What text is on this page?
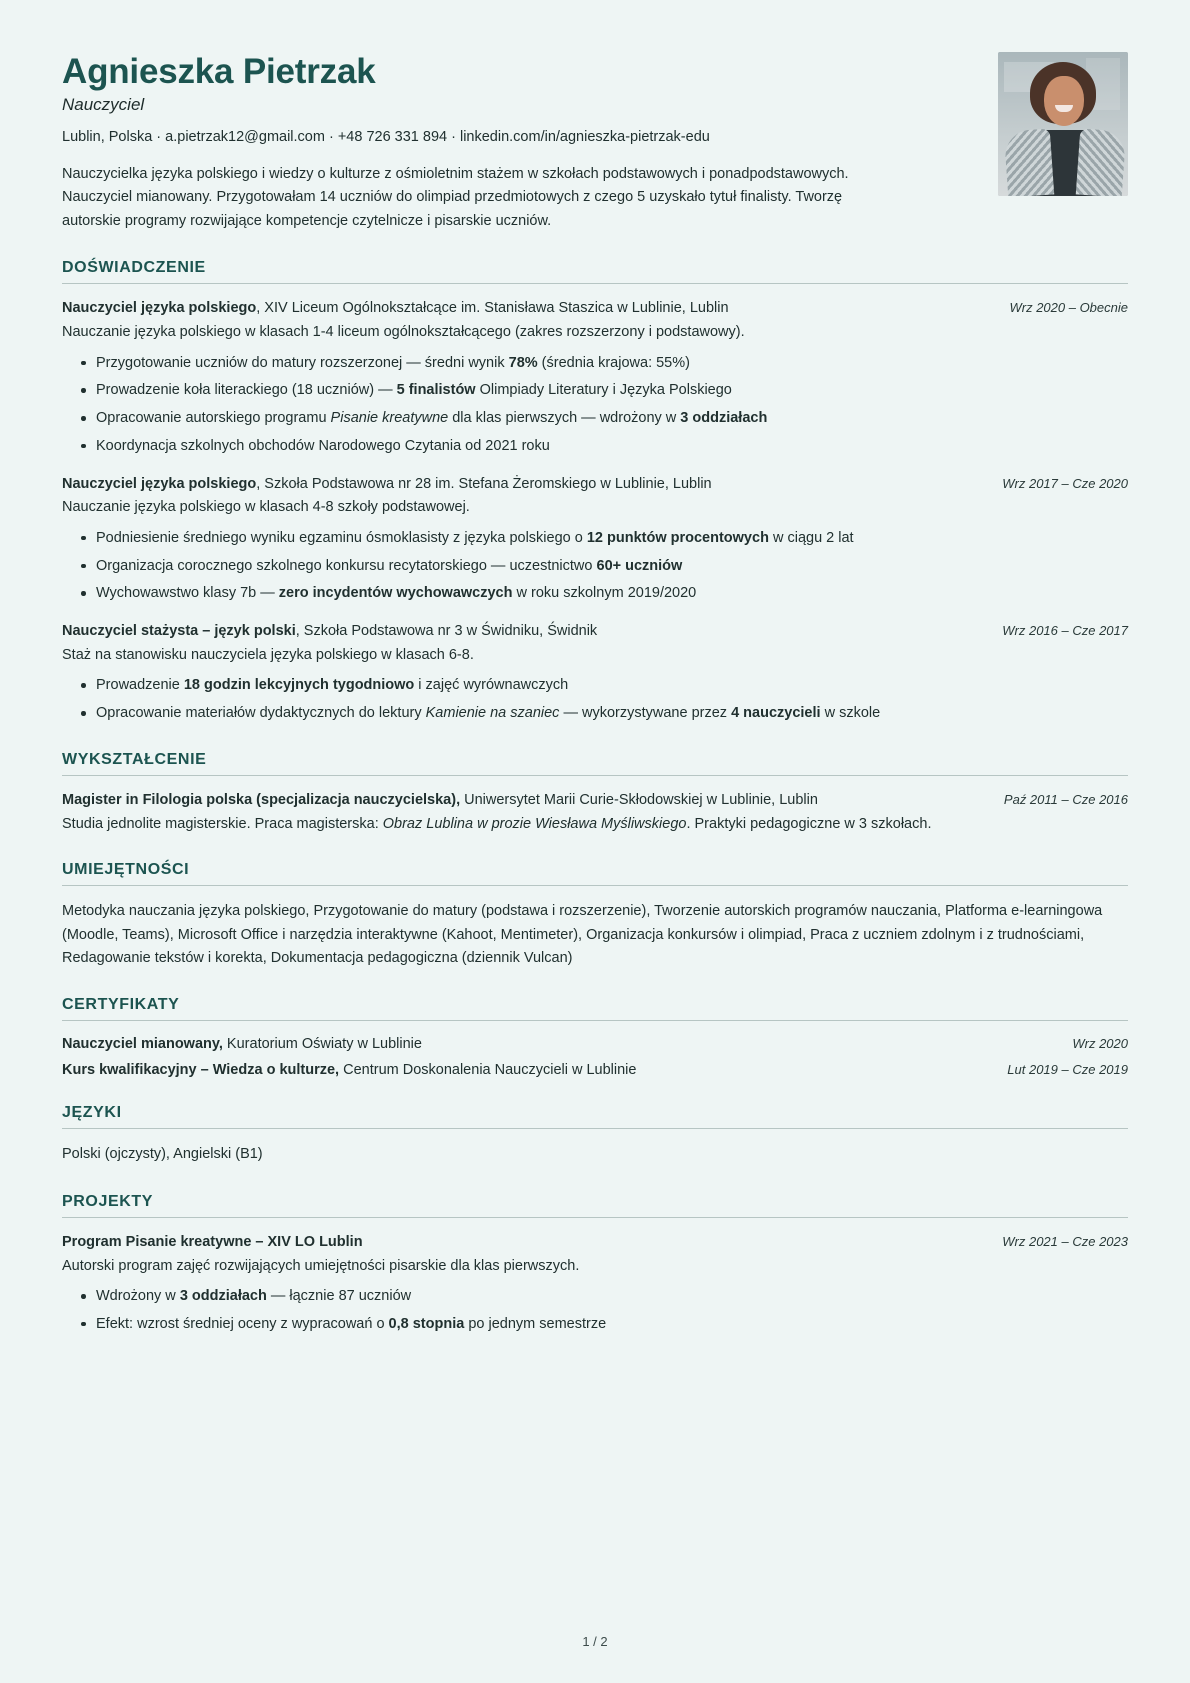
Agnieszka Pietrzak
Nauczyciel
Lublin, Polska · a.pietrzak12@gmail.com · +48 726 331 894 · linkedin.com/in/agnieszka-pietrzak-edu
Nauczycielka języka polskiego i wiedzy o kulturze z ośmioletnim stażem w szkołach podstawowych i ponadpodstawowych. Nauczyciel mianowany. Przygotowałam 14 uczniów do olimpiad przedmiotowych z czego 5 uzyskało tytuł finalisty. Tworzę autorskie programy rozwijające kompetencje czytelnicze i pisarskie uczniów.
DOŚWIADCZENIE
Nauczyciel języka polskiego, XIV Liceum Ogólnokształcące im. Stanisława Staszica w Lublinie, Lublin	Wrz 2020 – Obecnie
Nauczanie języka polskiego w klasach 1-4 liceum ogólnokształcącego (zakres rozszerzony i podstawowy).
Przygotowanie uczniów do matury rozszerzonej — średni wynik 78% (średnia krajowa: 55%)
Prowadzenie koła literackiego (18 uczniów) — 5 finalistów Olimpiady Literatury i Języka Polskiego
Opracowanie autorskiego programu Pisanie kreatywne dla klas pierwszych — wdrożony w 3 oddziałach
Koordynacja szkolnych obchodów Narodowego Czytania od 2021 roku
Nauczyciel języka polskiego, Szkoła Podstawowa nr 28 im. Stefana Żeromskiego w Lublinie, Lublin	Wrz 2017 – Cze 2020
Nauczanie języka polskiego w klasach 4-8 szkoły podstawowej.
Podniesienie średniego wyniku egzaminu ósmoklasisty z języka polskiego o 12 punktów procentowych w ciągu 2 lat
Organizacja corocznego szkolnego konkursu recytatorskiego — uczestnictwo 60+ uczniów
Wychowawstwo klasy 7b — zero incydentów wychowawczych w roku szkolnym 2019/2020
Nauczyciel stażysta – język polski, Szkoła Podstawowa nr 3 w Świdniku, Świdnik	Wrz 2016 – Cze 2017
Staż na stanowisku nauczyciela języka polskiego w klasach 6-8.
Prowadzenie 18 godzin lekcyjnych tygodniowo i zajęć wyrównawczych
Opracowanie materiałów dydaktycznych do lektury Kamienie na szaniec — wykorzystywane przez 4 nauczycieli w szkole
WYKSZTAŁCENIE
Magister in Filologia polska (specjalizacja nauczycielska), Uniwersytet Marii Curie-Skłodowskiej w Lublinie, Lublin	Paź 2011 – Cze 2016
Studia jednolite magisterskie. Praca magisterska: Obraz Lublina w prozie Wiesława Myśliwskiego. Praktyki pedagogiczne w 3 szkołach.
UMIEJĘTNOŚCI
Metodyka nauczania języka polskiego, Przygotowanie do matury (podstawa i rozszerzenie), Tworzenie autorskich programów nauczania, Platforma e-learningowa (Moodle, Teams), Microsoft Office i narzędzia interaktywne (Kahoot, Mentimeter), Organizacja konkursów i olimpiad, Praca z uczniem zdolnym i z trudnościami, Redagowanie tekstów i korekta, Dokumentacja pedagogiczna (dziennik Vulcan)
CERTYFIKATY
Nauczyciel mianowany, Kuratorium Oświaty w Lublinie	Wrz 2020
Kurs kwalifikacyjny – Wiedza o kulturze, Centrum Doskonalenia Nauczycieli w Lublinie	Lut 2019 – Cze 2019
JĘZYKI
Polski (ojczysty), Angielski (B1)
PROJEKTY
Program Pisanie kreatywne – XIV LO Lublin	Wrz 2021 – Cze 2023
Autorski program zajęć rozwijających umiejętności pisarskie dla klas pierwszych.
Wdrożony w 3 oddziałach — łącznie 87 uczniów
Efekt: wzrost średniej oceny z wypracowań o 0,8 stopnia po jednym semestrze
1 / 2
